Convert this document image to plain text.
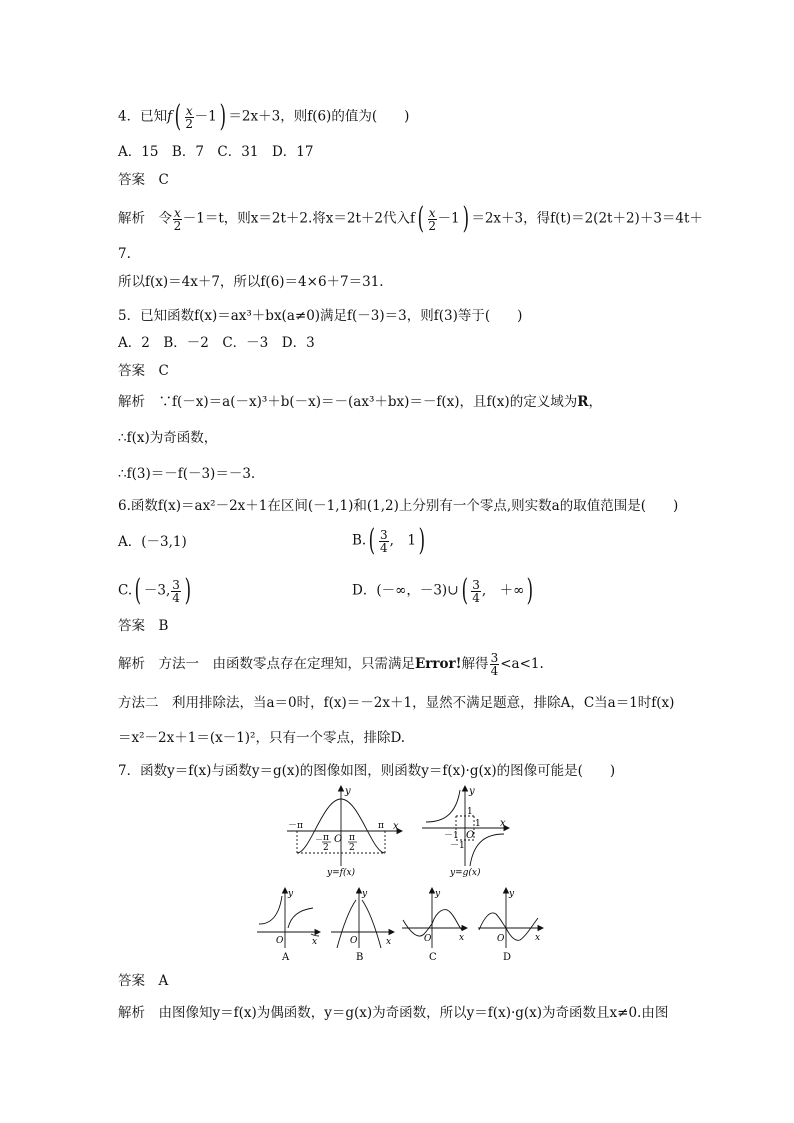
4．已知$f( \frac{x}{2} -1) =2x+3$，则f(6)的值为(　　)
A．15　B．7　C．31　D．17
答案　 C
解析　 令 $\frac{x}{2} -1=t$，则x＝2t＋2.将x＝2t＋2代入$f( \frac{x}{2} -1) =2x+3$，得f(t)＝2(2t＋2)＋3＝4t＋
7.
所以f(x)＝4x＋7，所以f(6)＝4×6＋7＝31.
5．已知函数f(x)＝ax³＋bx(a≠0)满足f(－3)＝3，则f(3)等于(　　)
A．2　B．－2　C．－3　D．3
答案　 C
解析　 ∵f(－x)＝a(－x)³＋b(－x)＝－(ax³＋bx)＝－f(x)，且f(x)的定义域为R，
∴f(x)为奇函数，
∴f(3)＝－f(－3)＝－3.
6.函数f(x)＝ax²－2x＋1在区间(－1,1)和(1,2)上分别有一个零点,则实数a的取值范围是(　　)
A．(－3,1)	$B.( \frac{3}{4}$ ,　1)
C.( －3, $\frac{3}{4}$ )	D．(－∞，－3)∪( $\frac{3}{4}$ ,　＋∞)
答案　 B
解析　 方法一　由函数零点存在定理知，只需满足Error!解得 $\frac{3}{4} <a<1$.
方法二　利用排除法，当a＝0时，f(x)＝－2x＋1，显然不满足题意，排除A，C当a＝1时f(x)
＝x²－2x＋1＝(x－1)²，只有一个零点，排除D.
7．函数y＝f(x)与函数y＝g(x)的图像如图，则函数y＝f(x)·g(x)的图像可能是(　　)
y
x
O
－π	π
－ π
2
π
2
y=f(x)
y
x
O
1
1
－1
－1
y=g(x)
y
x
O
A
y
x
O
B
y
x
O
C
y
x
O
D
答案　 A
解析　 由图像知y＝f(x)为偶函数，y＝g(x)为奇函数，所以y＝f(x)·g(x)为奇函数且x≠0.由图
